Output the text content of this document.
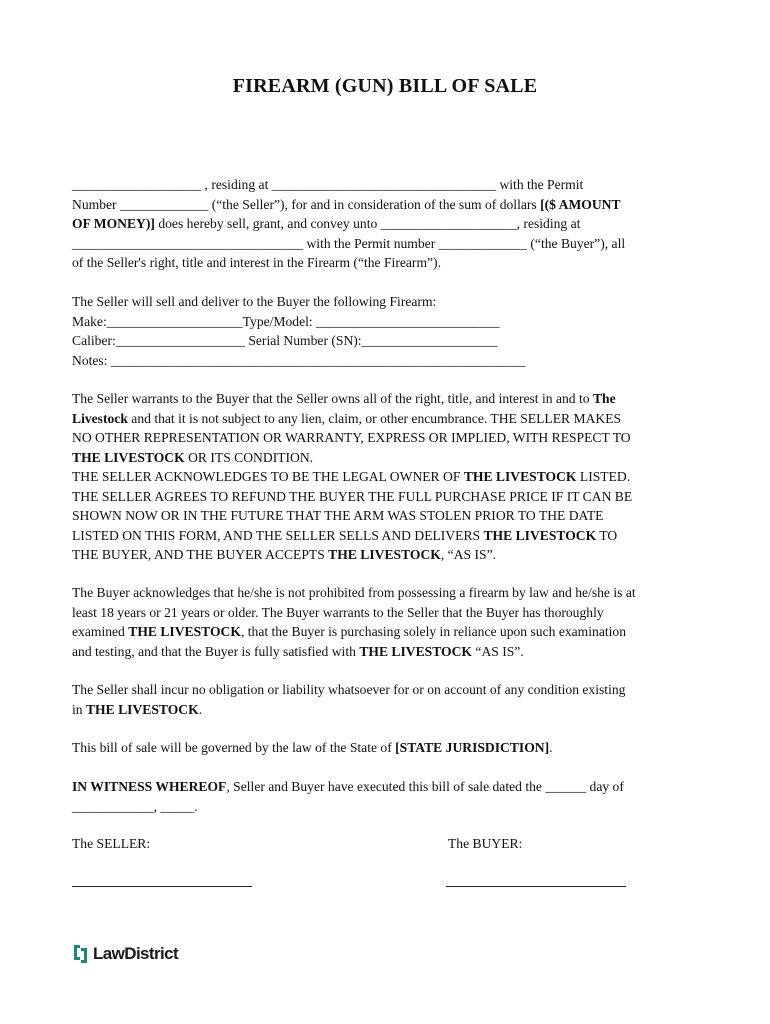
FIREARM (GUN) BILL OF SALE
___________________ , residing at _________________________________ with the Permit
Number _____________ (“the Seller”), for and in consideration of the sum of dollars [($ AMOUNT
OF MONEY)] does hereby sell, grant, and convey unto ____________________, residing at
__________________________________ with the Permit number _____________ (“the Buyer”), all
of the Seller's right, title and interest in the Firearm (“the Firearm”).
The Seller will sell and deliver to the Buyer the following Firearm:
Make:____________________Type/Model: ___________________________
Caliber:___________________ Serial Number (SN):____________________
Notes: _____________________________________________________________
The Seller warrants to the Buyer that the Seller owns all of the right, title, and interest in and to The
Livestock and that it is not subject to any lien, claim, or other encumbrance. THE SELLER MAKES
NO OTHER REPRESENTATION OR WARRANTY, EXPRESS OR IMPLIED, WITH RESPECT TO
THE LIVESTOCK OR ITS CONDITION.
THE SELLER ACKNOWLEDGES TO BE THE LEGAL OWNER OF THE LIVESTOCK LISTED.
THE SELLER AGREES TO REFUND THE BUYER THE FULL PURCHASE PRICE IF IT CAN BE
SHOWN NOW OR IN THE FUTURE THAT THE ARM WAS STOLEN PRIOR TO THE DATE
LISTED ON THIS FORM, AND THE SELLER SELLS AND DELIVERS THE LIVESTOCK TO
THE BUYER, AND THE BUYER ACCEPTS THE LIVESTOCK, “AS IS”.
The Buyer acknowledges that he/she is not prohibited from possessing a firearm by law and he/she is at
least 18 years or 21 years or older. The Buyer warrants to the Seller that the Buyer has thoroughly
examined THE LIVESTOCK, that the Buyer is purchasing solely in reliance upon such examination
and testing, and that the Buyer is fully satisfied with THE LIVESTOCK “AS IS”.
The Seller shall incur no obligation or liability whatsoever for or on account of any condition existing
in THE LIVESTOCK.
This bill of sale will be governed by the law of the State of [STATE JURISDICTION].
IN WITNESS WHEREOF, Seller and Buyer have executed this bill of sale dated the ______ day of
____________, _____.
The SELLER:	The BUYER:
LawDistrict
